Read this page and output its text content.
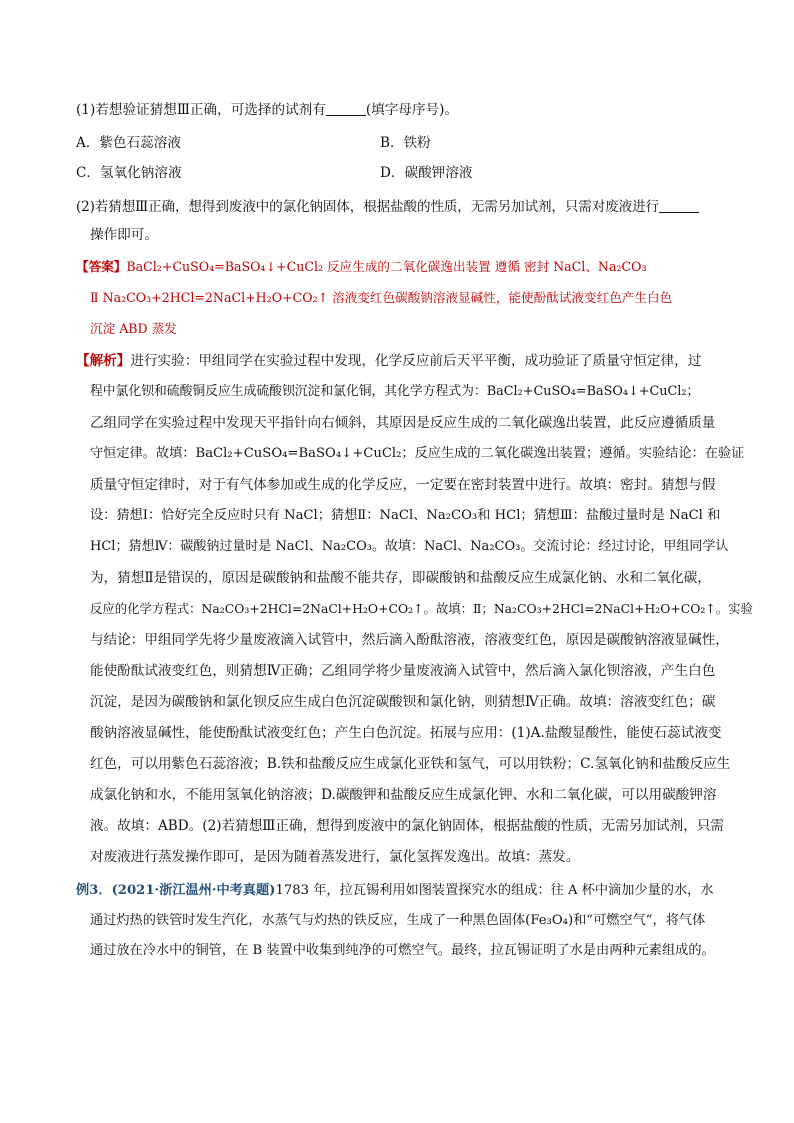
(1)若想验证猜想Ⅲ正确，可选择的试剂有	(填字母序号)。
A．紫色石蕊溶液	B．铁粉
C．氢氧化钠溶液	D．碳酸钾溶液
(2)若猜想Ⅲ正确，想得到废液中的氯化钠固体，根据盐酸的性质，无需另加试剂，只需对废液进行
操作即可。
【答案】BaCl₂+CuSO₄=BaSO₄↓+CuCl₂ 反应生成的二氧化碳逸出装置 遵循 密封 NaCl、Na₂CO₃
Ⅱ Na₂CO₃+2HCl=2NaCl+H₂O+CO₂↑ 溶液变红色碳酸钠溶液显碱性，能使酚酞试液变红色产生白色
沉淀 ABD 蒸发
【解析】进行实验：甲组同学在实验过程中发现，化学反应前后天平平衡，成功验证了质量守恒定律，过
程中氯化钡和硫酸铜反应生成硫酸钡沉淀和氯化铜，其化学方程式为：BaCl₂+CuSO₄=BaSO₄↓+CuCl₂；
乙组同学在实验过程中发现天平指针向右倾斜，其原因是反应生成的二氧化碳逸出装置，此反应遵循质量
守恒定律。故填：BaCl₂+CuSO₄=BaSO₄↓+CuCl₂；反应生成的二氧化碳逸出装置；遵循。实验结论：在验证
质量守恒定律时，对于有气体参加或生成的化学反应，一定要在密封装置中进行。故填：密封。猜想与假
设：猜想Ⅰ：恰好完全反应时只有 NaCl；猜想Ⅱ：NaCl、Na₂CO₃和 HCl；猜想Ⅲ：盐酸过量时是 NaCl 和
HCl；猜想Ⅳ：碳酸钠过量时是 NaCl、Na₂CO₃。故填：NaCl、Na₂CO₃。交流讨论：经过讨论，甲组同学认
为，猜想Ⅱ是错误的，原因是碳酸钠和盐酸不能共存，即碳酸钠和盐酸反应生成氯化钠、水和二氧化碳，
反应的化学方程式：Na₂CO₃+2HCl=2NaCl+H₂O+CO₂↑。故填：Ⅱ；Na₂CO₃+2HCl=2NaCl+H₂O+CO₂↑。实验
与结论：甲组同学先将少量废液滴入试管中，然后滴入酚酞溶液，溶液变红色，原因是碳酸钠溶液显碱性，
能使酚酞试液变红色，则猜想Ⅳ正确；乙组同学将少量废液滴入试管中，然后滴入氯化钡溶液，产生白色
沉淀，是因为碳酸钠和氯化钡反应生成白色沉淀碳酸钡和氯化钠，则猜想Ⅳ正确。故填：溶液变红色；碳
酸钠溶液显碱性，能使酚酞试液变红色；产生白色沉淀。拓展与应用：(1)A.盐酸显酸性，能使石蕊试液变
红色，可以用紫色石蕊溶液；B.铁和盐酸反应生成氯化亚铁和氢气，可以用铁粉；C.氢氧化钠和盐酸反应生
成氯化钠和水，不能用氢氧化钠溶液；D.碳酸钾和盐酸反应生成氯化钾、水和二氧化碳，可以用碳酸钾溶
液。故填：ABD。(2)若猜想Ⅲ正确，想得到废液中的氯化钠固体，根据盐酸的性质，无需另加试剂，只需
对废液进行蒸发操作即可，是因为随着蒸发进行，氯化氢挥发逸出。故填：蒸发。
例3．(2021·浙江温州·中考真题)1783 年，拉瓦锡利用如图装置探究水的组成：往 A 杯中滴加少量的水，水
通过灼热的铁管时发生汽化，水蒸气与灼热的铁反应，生成了一种黑色固体(Fe₃O₄)和“可燃空气”，将气体
通过放在冷水中的铜管，在 B 装置中收集到纯净的可燃空气。最终，拉瓦锡证明了水是由两种元素组成的。
